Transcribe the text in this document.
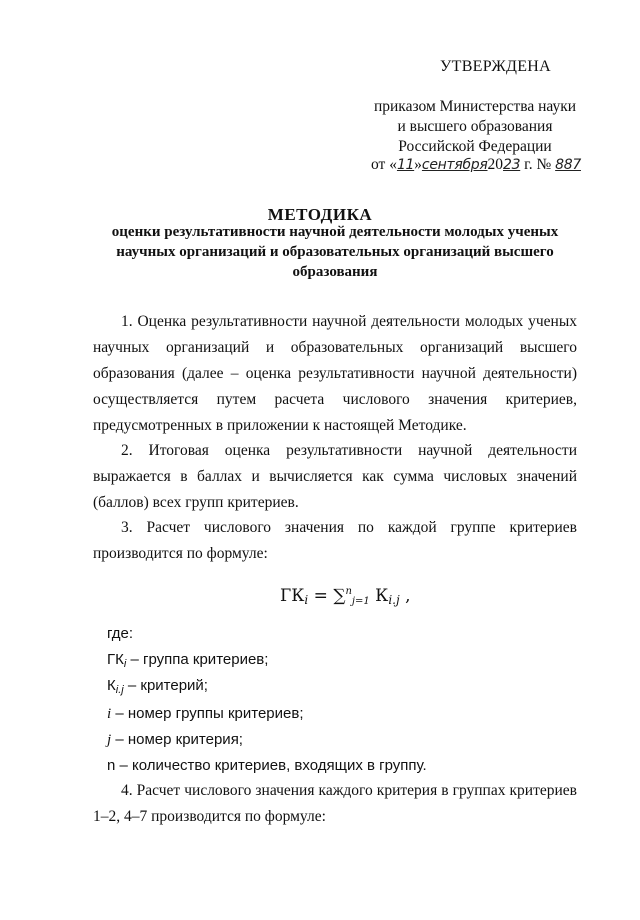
УТВЕРЖДЕНА
приказом Министерства науки
и высшего образования
Российской Федерации
от «11»сентября2023 г. № 887
МЕТОДИКА
оценки результативности научной деятельности молодых ученых научных организаций и образовательных организаций высшего образования
1. Оценка результативности научной деятельности молодых ученых научных организаций и образовательных организаций высшего образования (далее – оценка результативности научной деятельности) осуществляется путем расчета числового значения критериев, предусмотренных в приложении к настоящей Методике.
2. Итоговая оценка результативности научной деятельности выражается в баллах и вычисляется как сумма числовых значений (баллов) всех групп критериев.
3. Расчет числового значения по каждой группе критериев производится по формуле:
ГКi = ∑$^n_{j=1}$ Кi.j ,
где:
$ГК_i$ – группа критериев;
$К_{i.j}$ – критерий;
i – номер группы критериев;
j – номер критерия;
n – количество критериев, входящих в группу.
4. Расчет числового значения каждого критерия в группах критериев 1–2, 4–7 производится по формуле:
